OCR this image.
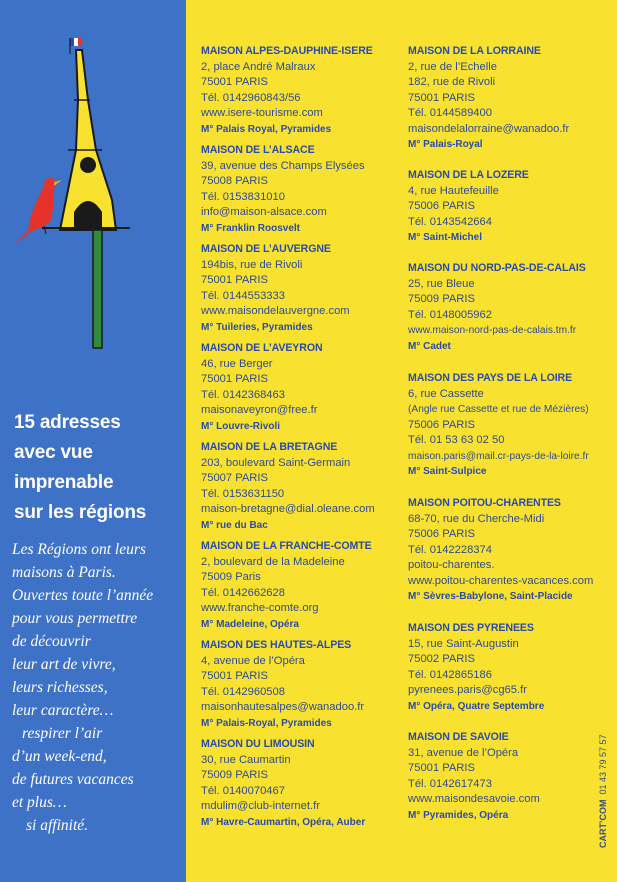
15 adresses
avec vue
imprenable
sur les régions
Les Régions ont leurs
maisons à Paris.
Ouvertes toute l’année
pour vous permettre
de découvrir
leur art de vivre,
leurs richesses,
leur caractère…
respirer l’air
d’un week-end,
de futures vacances
et plus…
si affinité.
MAISON ALPES-DAUPHINE-ISERE
2, place André Malraux
75001 PARIS
Tél. 0142960843/56
www.isere-tourisme.com
M° Palais Royal, Pyramides
MAISON DE L’ALSACE
39, avenue des Champs Elysées
75008 PARIS
Tél. 0153831010
info@maison-alsace.com
M° Franklin Roosvelt
MAISON DE L’AUVERGNE
194bis, rue de Rivoli
75001 PARIS
Tél. 0144553333
www.maisondelauvergne.com
M° Tuileries, Pyramides
MAISON DE L’AVEYRON
46, rue Berger
75001 PARIS
Tél. 0142368463
maisonaveyron@free.fr
M° Louvre-Rivoli
MAISON DE LA BRETAGNE
203, boulevard Saint-Germain
75007 PARIS
Tél. 0153631150
maison-bretagne@dial.oleane.com
M° rue du Bac
MAISON DE LA FRANCHE-COMTE
2, boulevard de la Madeleine
75009 Paris
Tél. 0142662628
www.franche-comte.org
M° Madeleine, Opéra
MAISON DES HAUTES-ALPES
4, avenue de l’Opéra
75001 PARIS
Tél. 0142960508
maisonhautesalpes@wanadoo.fr
M° Palais-Royal, Pyramides
MAISON DU LIMOUSIN
30, rue Caumartin
75009 PARIS
Tél. 0140070467
mdulim@club-internet.fr
M° Havre-Caumartin, Opéra, Auber
MAISON DE LA LORRAINE
2, rue de l’Echelle
182, rue de Rivoli
75001 PARIS
Tél. 0144589400
maisondelalorraine@wanadoo.fr
M° Palais-Royal
MAISON DE LA LOZERE
4, rue Hautefeuille
75006 PARIS
Tél. 0143542664
M° Saint-Michel
MAISON DU NORD-PAS-DE-CALAIS
25, rue Bleue
75009 PARIS
Tél. 0148005962
www.maison-nord-pas-de-calais.tm.fr
M° Cadet
MAISON DES PAYS DE LA LOIRE
6, rue Cassette
(Angle rue Cassette et rue de Mézières)
75006 PARIS
Tél. 01 53 63 02 50
maison.paris@mail.cr-pays-de-la-loire.fr
M° Saint-Sulpice
MAISON POITOU-CHARENTES
68-70, rue du Cherche-Midi
75006 PARIS
Tél. 0142228374
poitou-charentes.
www.poitou-charentes-vacances.com
M° Sèvres-Babylone, Saint-Placide
MAISON DES PYRENEES
15, rue Saint-Augustin
75002 PARIS
Tél. 0142865186
pyrenees.paris@cg65.fr
M° Opéra, Quatre Septembre
MAISON DE SAVOIE
31, avenue de l’Opéra
75001 PARIS
Tél. 0142617473
www.maisondesavoie.com
M° Pyramides, Opéra	CART’COM  01 43 79 57 57
